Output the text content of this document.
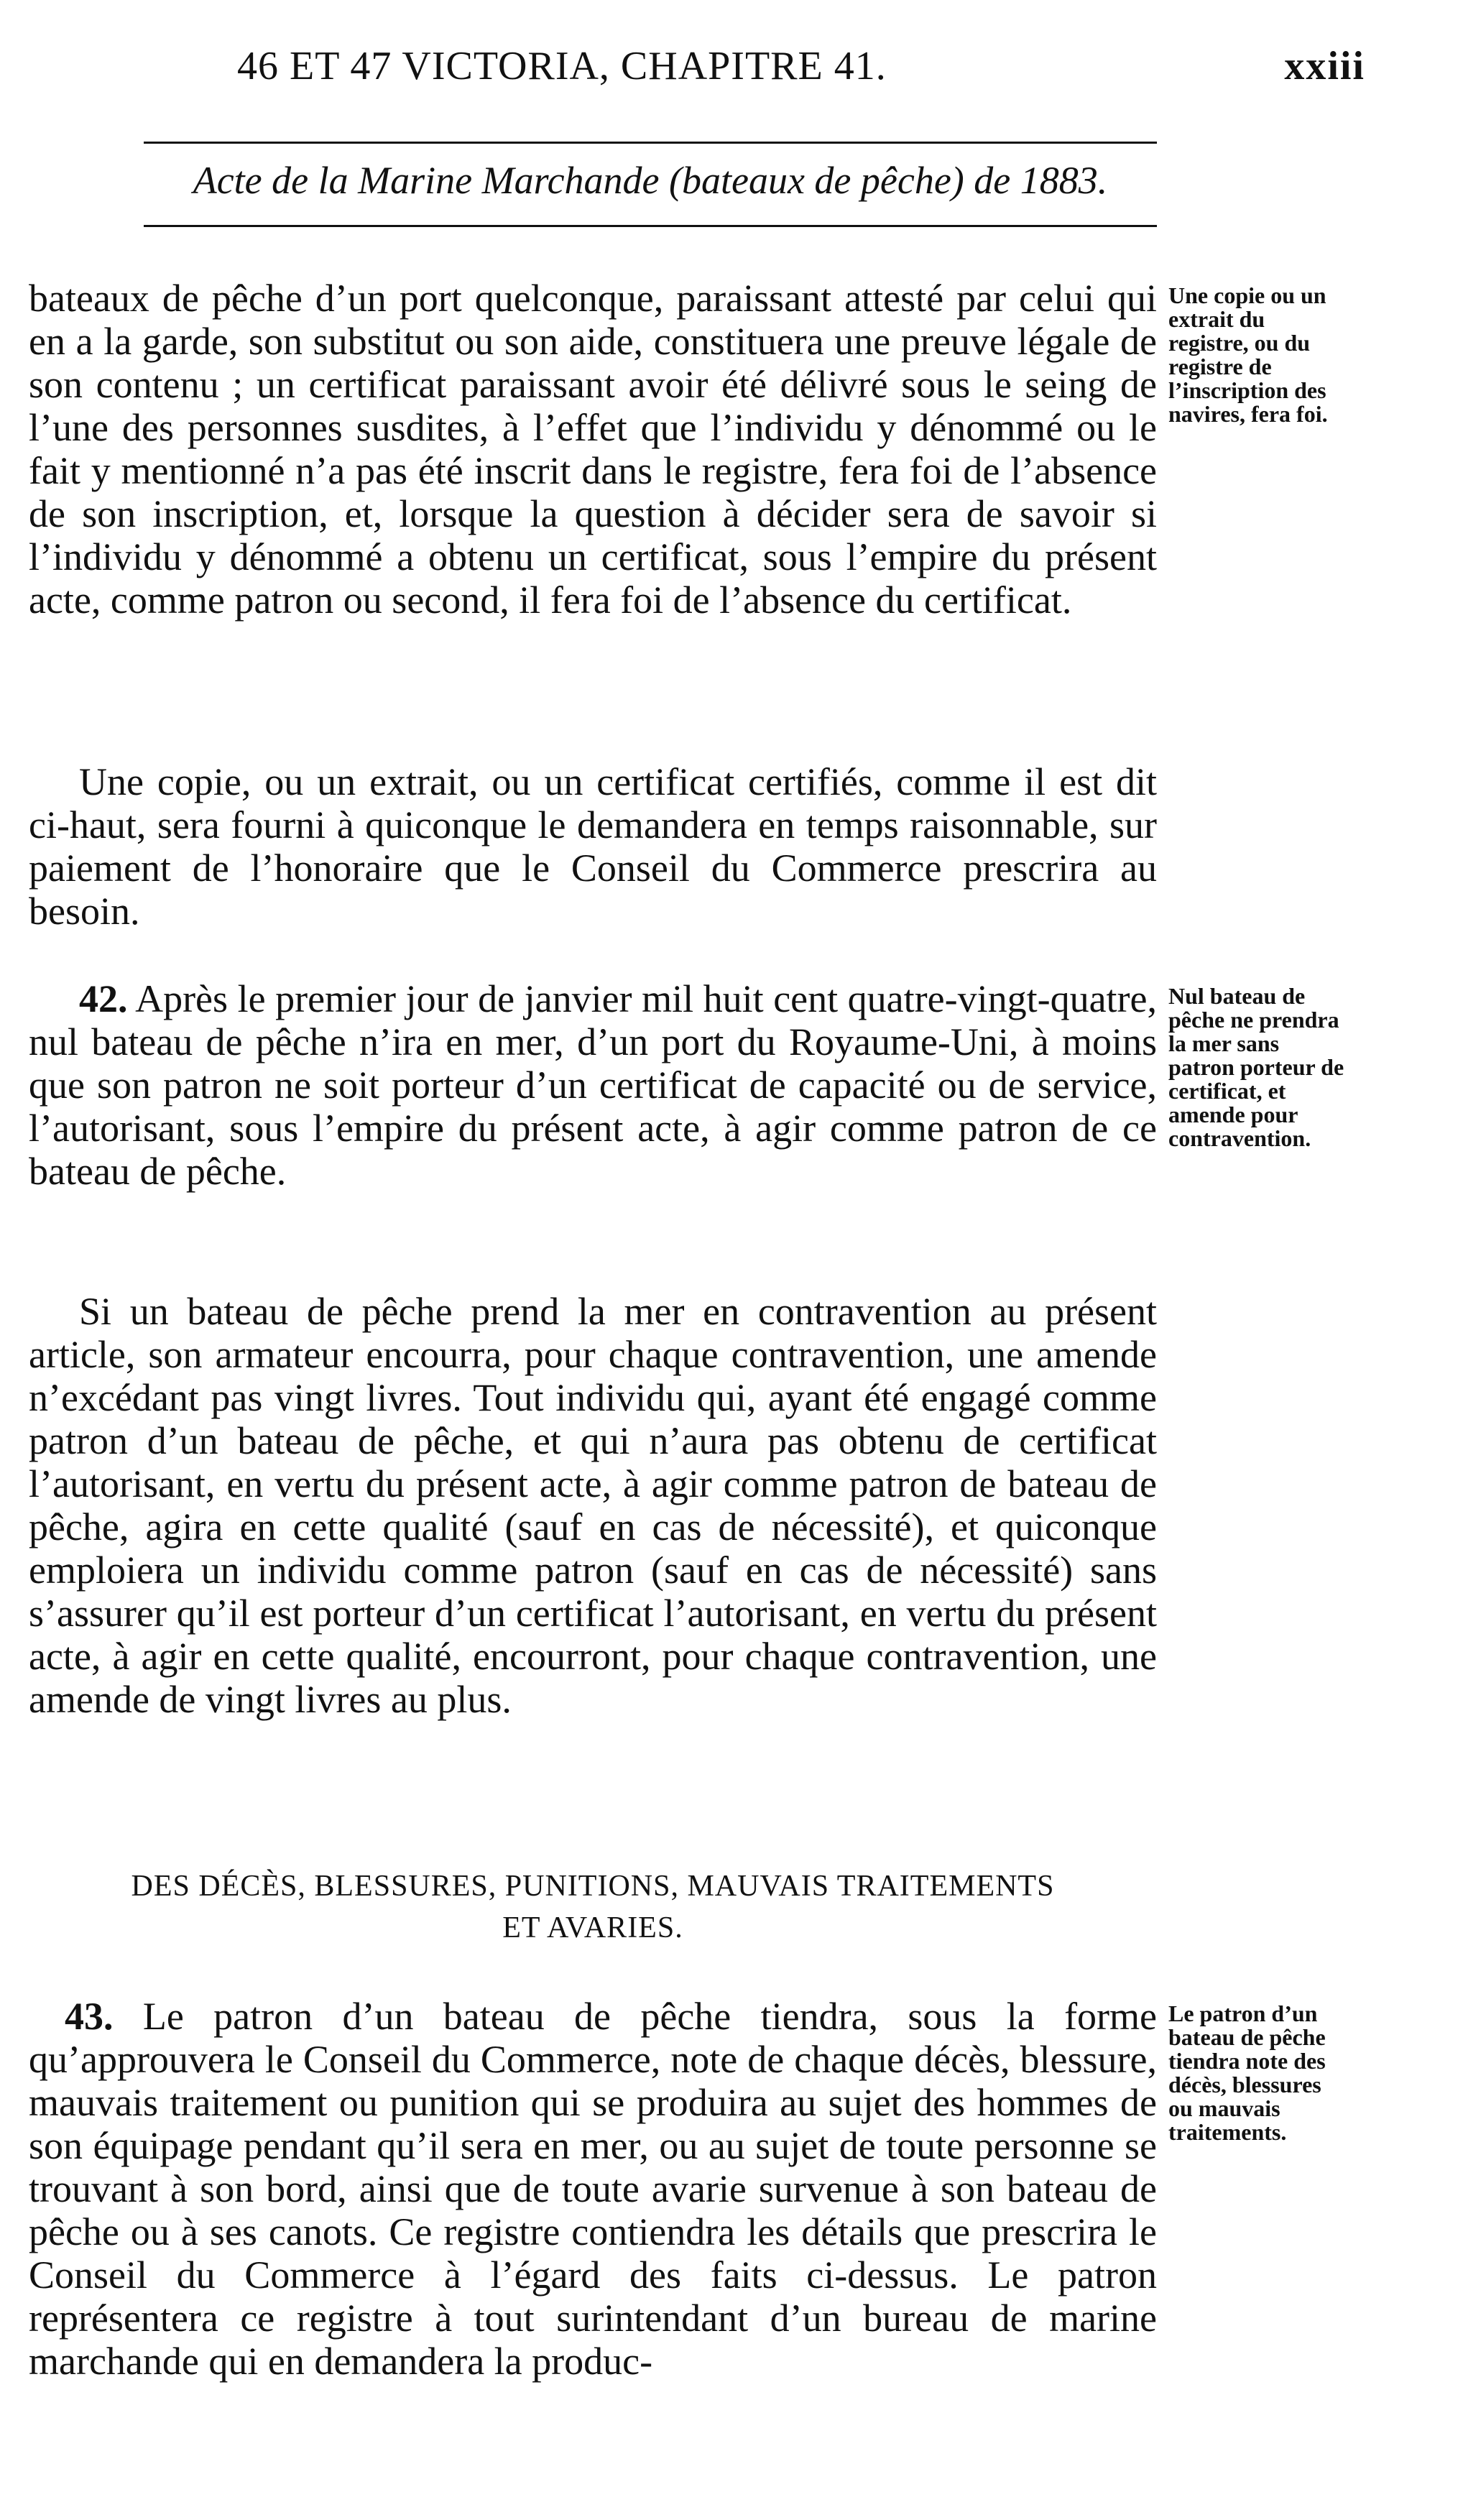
46 ET 47 VICTORIA, CHAPITRE 41.	xxiii
Acte de la Marine Marchande (bateaux de pêche) de 1883.
bateaux de pêche d’un port quelconque, paraissant attesté par celui qui en a la garde, son substitut ou son aide, constituera une preuve légale de son contenu ; un certificat paraissant avoir été délivré sous le seing de l’une des personnes susdites, à l’effet que l’individu y dénommé ou le fait y mentionné n’a pas été inscrit dans le registre, fera foi de l’absence de son inscription, et, lorsque la question à décider sera de savoir si l’individu y dénommé a obtenu un certificat, sous l’empire du présent acte, comme patron ou second, il fera foi de l’absence du certificat.
Une copie ou un extrait du registre, ou du registre de l’inscription des navires, fera foi.
Une copie, ou un extrait, ou un certificat certifiés, comme il est dit ci-haut, sera fourni à quiconque le demandera en temps raisonnable, sur paiement de l’honoraire que le Conseil du Commerce prescrira au besoin.
42. Après le premier jour de janvier mil huit cent quatre-vingt-quatre, nul bateau de pêche n’ira en mer, d’un port du Royaume-Uni, à moins que son patron ne soit porteur d’un certificat de capacité ou de service, l’autorisant, sous l’empire du présent acte, à agir comme patron de ce bateau de pêche.
Nul bateau de pêche ne prendra la mer sans patron porteur de certificat, et amende pour contravention.
Si un bateau de pêche prend la mer en contravention au présent article, son armateur encourra, pour chaque contravention, une amende n’excédant pas vingt livres. Tout individu qui, ayant été engagé comme patron d’un bateau de pêche, et qui n’aura pas obtenu de certificat l’autorisant, en vertu du présent acte, à agir comme patron de bateau de pêche, agira en cette qualité (sauf en cas de nécessité), et quiconque emploiera un individu comme patron (sauf en cas de nécessité) sans s’assurer qu’il est porteur d’un certificat l’autorisant, en vertu du présent acte, à agir en cette qualité, encourront, pour chaque contravention, une amende de vingt livres au plus.
DES DÉCÈS, BLESSURES, PUNITIONS, MAUVAIS TRAITEMENTS
ET AVARIES.
43. Le patron d’un bateau de pêche tiendra, sous la forme qu’approuvera le Conseil du Commerce, note de chaque décès, blessure, mauvais traitement ou punition qui se produira au sujet des hommes de son équipage pendant qu’il sera en mer, ou au sujet de toute personne se trouvant à son bord, ainsi que de toute avarie survenue à son bateau de pêche ou à ses canots. Ce registre contiendra les détails que prescrira le Conseil du Commerce à l’égard des faits ci-dessus. Le patron représentera ce registre à tout surintendant d’un bureau de marine marchande qui en demandera la produc-
Le patron d’un bateau de pêche tiendra note des décès, blessures ou mauvais traitements.
